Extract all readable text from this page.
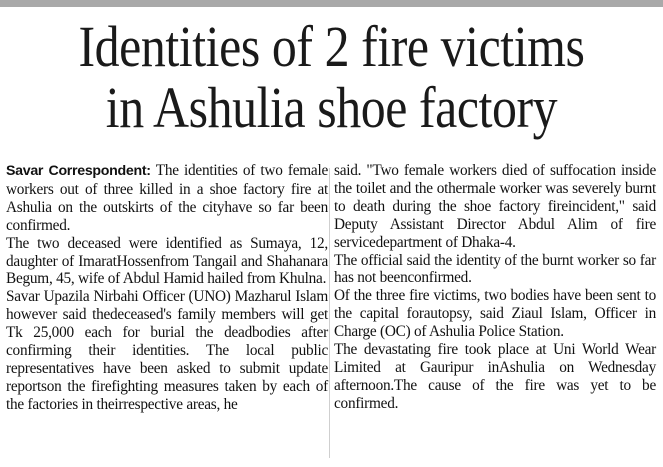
Identities of 2 fire victims
in Ashulia shoe factory

Savar Correspondent: The identities of two female workers out of three killed in a shoe factory fire at Ashulia on the outskirts of the cityhave so far been confirmed.

The two deceased were identified as Sumaya, 12, daughter of ImaratHossenfrom Tangail and Shahanara Begum, 45, wife of Abdul Hamid hailed from Khulna.

Savar Upazila Nirbahi Officer (UNO) Mazharul Islam however said thedeceased's family members will get Tk 25,000 each for burial the deadbodies after confirming their identities. The local public representatives have been asked to submit update reportson the firefighting measures taken by each of the factories in theirrespective areas, he

said. "Two female workers died of suffocation inside the toilet and the othermale worker was severely burnt to death during the shoe factory fireincident," said Deputy Assistant Director Abdul Alim of fire servicedepartment of Dhaka-4.

The official said the identity of the burnt worker so far has not beenconfirmed.

Of the three fire victims, two bodies have been sent to the capital forautopsy, said Ziaul Islam, Officer in Charge (OC) of Ashulia Police Station.

The devastating fire took place at Uni World Wear Limited at Gauripur inAshulia on Wednesday afternoon.The cause of the fire was yet to be confirmed.
